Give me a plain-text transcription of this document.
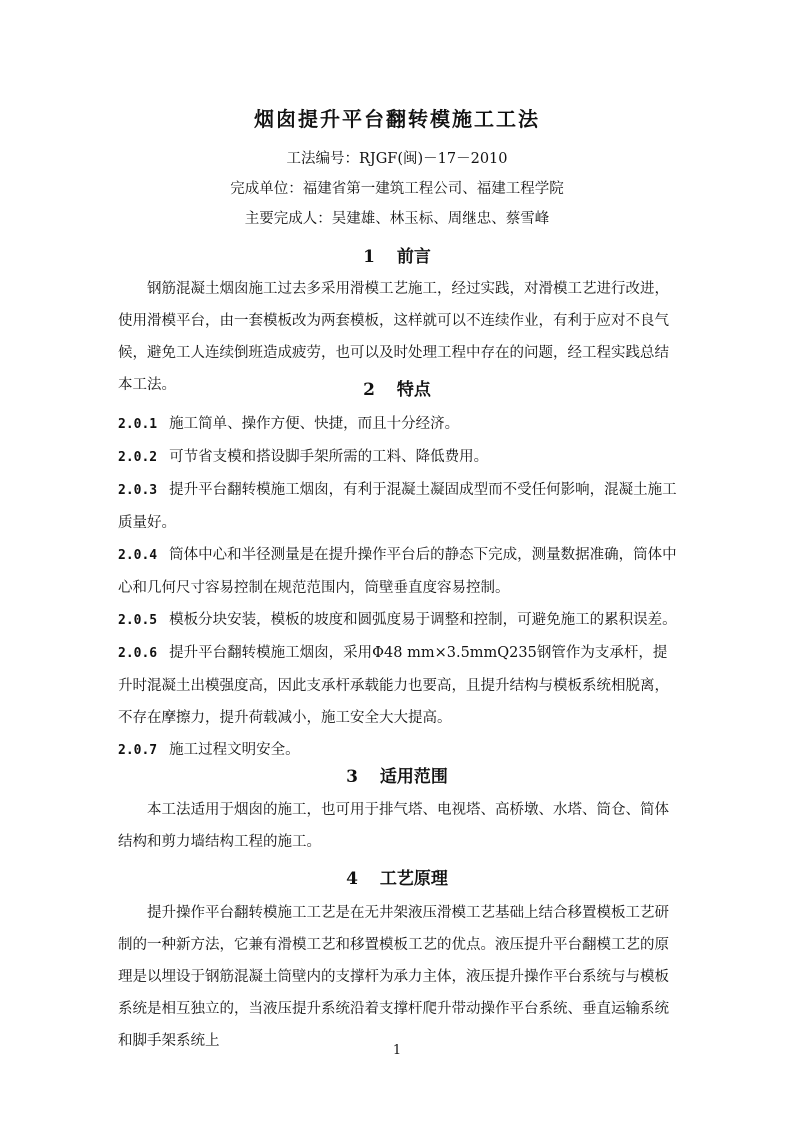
烟囱提升平台翻转模施工工法
工法编号：RJGF(闽)－17－2010
完成单位：福建省第一建筑工程公司、福建工程学院
主要完成人：吴建雄、林玉标、周继忠、蔡雪峰
1 前言

钢筋混凝土烟囱施工过去多采用滑模工艺施工，经过实践，对滑模工艺进行改进，使用滑模平台，由一套模板改为两套模板，这样就可以不连续作业，有利于应对不良气候，避免工人连续倒班造成疲劳，也可以及时处理工程中存在的问题，经工程实践总结本工法。	2 特点

2.0.1 施工简单、操作方便、快捷，而且十分经济。

2.0.2 可节省支模和搭设脚手架所需的工料、降低费用。

2.0.3 提升平台翻转模施工烟囱，有利于混凝土凝固成型而不受任何影响，混凝土施工质量好。

2.0.4 筒体中心和半径测量是在提升操作平台后的静态下完成，测量数据准确，筒体中心和几何尺寸容易控制在规范范围内，筒壁垂直度容易控制。

2.0.5 模板分块安装，模板的坡度和圆弧度易于调整和控制，可避免施工的累积误差。

2.0.6 提升平台翻转模施工烟囱，采用Φ48 mm×3.5mmQ235钢管作为支承杆，提升时混凝土出模强度高，因此支承杆承载能力也要高，且提升结构与模板系统相脱离，不存在摩擦力，提升荷载减小，施工安全大大提高。

2.0.7 施工过程文明安全。

3 适用范围

本工法适用于烟囱的施工，也可用于排气塔、电视塔、高桥墩、水塔、筒仓、简体结构和剪力墙结构工程的施工。

4 工艺原理

提升操作平台翻转模施工工艺是在无井架液压滑模工艺基础上结合移置模板工艺研制的一种新方法，它兼有滑模工艺和移置模板工艺的优点。液压提升平台翻模工艺的原理是以埋设于钢筋混凝土筒壁内的支撑杆为承力主体，液压提升操作平台系统与与模板系统是相互独立的，当液压提升系统沿着支撑杆爬升带动操作平台系统、垂直运输系统和脚手架系统上

1
